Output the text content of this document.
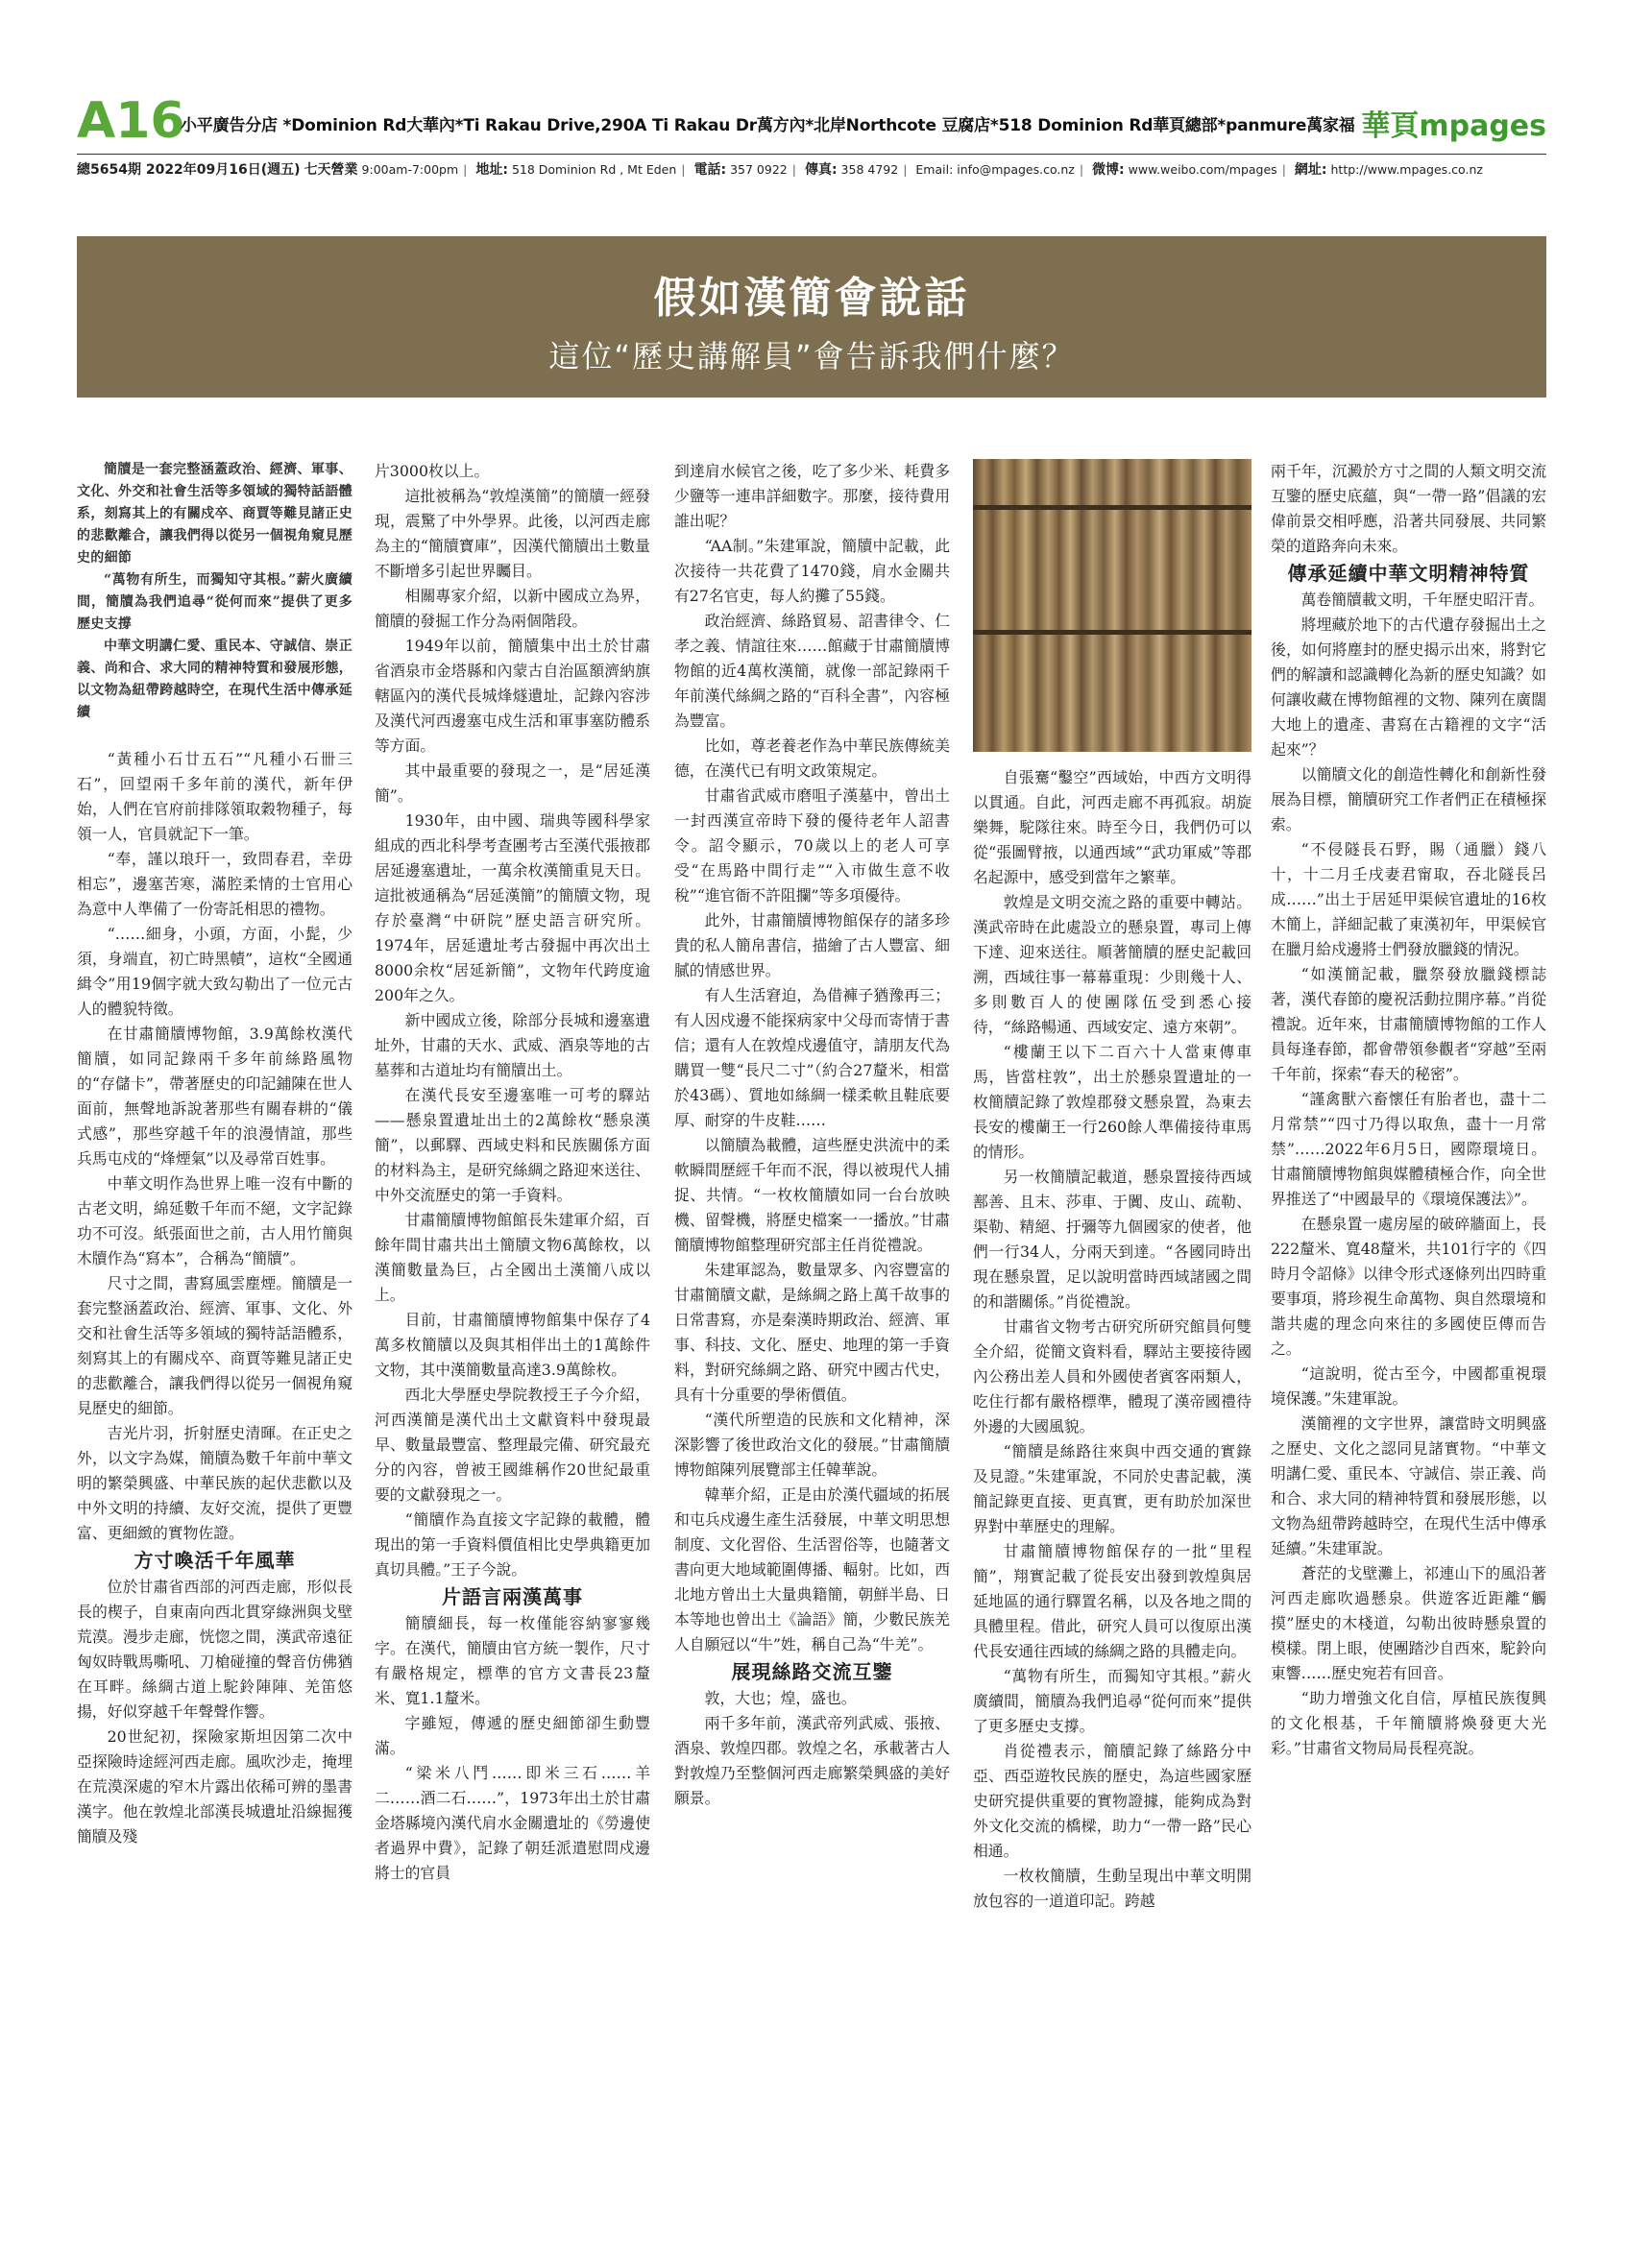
A16
小平廣告分店 *Dominion Rd大華內*Ti Rakau Drive,290A Ti Rakau Dr萬方內*北岸Northcote 豆腐店*518 Dominion Rd華頁總部*panmure萬家福 華頁mpages
總5654期 2022年09月16日(週五) 七天營業 9:00am-7:00pm | 地址: 518 Dominion Rd , Mt Eden | 電話: 357 0922 | 傳真: 358 4792 | Email: info@mpages.co.nz | 微博: www.weibo.com/mpages | 網址: http://www.mpages.co.nz
假如漢簡會說話
這位“歷史講解員”會告訴我們什麼？

簡牘是一套完整涵蓋政治、經濟、軍事、文化、外交和社會生活等多領域的獨特話語體系，刻寫其上的有關戍卒、商賈等難見諸正史的悲歡離合，讓我們得以從另一個視角窺見歷史的細節

“萬物有所生，而獨知守其根。”薪火廣續間，簡牘為我們追尋“從何而來”提供了更多歷史支撐

中華文明講仁愛、重民本、守誠信、崇正義、尚和合、求大同的精神特質和發展形態，以文物為紐帶跨越時空，在現代生活中傳承延續

“黃種小石廿五石”“凡種小石卌三石”，回望兩千多年前的漢代，新年伊始，人們在官府前排隊領取穀物種子，每領一人，官員就記下一筆。

“奉，謹以琅玕一，致問春君，幸毋相忘”，邊塞苦寒，滿腔柔情的士官用心為意中人準備了一份寄託相思的禮物。

“……細身，小頭，方面，小髭，少須，身端直，初亡時黑幘”，這枚“全國通緝令”用19個字就大致勾勒出了一位元古人的體貌特徵。

在甘肅簡牘博物館，3.9萬餘枚漢代簡牘，如同記錄兩千多年前絲路風物的“存儲卡”，帶著歷史的印記鋪陳在世人面前，無聲地訴說著那些有關春耕的“儀式感”，那些穿越千年的浪漫情誼，那些兵馬屯戍的“烽煙氣”以及尋常百姓事。

中華文明作為世界上唯一沒有中斷的古老文明，綿延數千年而不絕，文字記錄功不可沒。紙張面世之前，古人用竹簡與木牘作為“寫本”，合稱為“簡牘”。

尺寸之間，書寫風雲塵煙。簡牘是一套完整涵蓋政治、經濟、軍事、文化、外交和社會生活等多領域的獨特話語體系，刻寫其上的有關戍卒、商賈等難見諸正史的悲歡離合，讓我們得以從另一個視角窺見歷史的細節。

吉光片羽，折射歷史清暉。在正史之外，以文字為媒，簡牘為數千年前中華文明的繁榮興盛、中華民族的起伏悲歡以及中外文明的持續、友好交流，提供了更豐富、更細緻的實物佐證。

方寸喚活千年風華

位於甘肅省西部的河西走廊，形似長長的楔子，自東南向西北貫穿綠洲與戈壁荒漠。漫步走廊，恍惚之間，漢武帝遠征匈奴時戰馬嘶吼、刀槍碰撞的聲音仿佛猶在耳畔。絲綢古道上駝鈴陣陣、羌笛悠揚，好似穿越千年聲聲作響。

20世紀初，探險家斯坦因第二次中亞探險時途經河西走廊。風吹沙走，掩埋在荒漠深處的窄木片露出依稀可辨的墨書漢字。他在敦煌北部漢長城遺址沿線掘獲簡牘及殘

片3000枚以上。

這批被稱為“敦煌漢簡”的簡牘一經發現，震驚了中外學界。此後，以河西走廊為主的“簡牘寶庫”，因漢代簡牘出土數量不斷增多引起世界矚目。

相關專家介紹，以新中國成立為界，簡牘的發掘工作分為兩個階段。

1949年以前，簡牘集中出土於甘肅省酒泉市金塔縣和內蒙古自治區額濟納旗轄區內的漢代長城烽燧遺址，記錄內容涉及漢代河西邊塞屯戍生活和軍事塞防體系等方面。

其中最重要的發現之一，是“居延漢簡”。

1930年，由中國、瑞典等國科學家組成的西北科學考查團考古至漢代張掖郡居延邊塞遺址，一萬余枚漢簡重見天日。這批被通稱為“居延漢簡”的簡牘文物，現存於臺灣“中研院”歷史語言研究所。1974年，居延遺址考古發掘中再次出土8000余枚“居延新簡”，文物年代跨度逾200年之久。

新中國成立後，除部分長城和邊塞遺址外，甘肅的天水、武威、酒泉等地的古墓葬和古道址均有簡牘出土。

在漢代長安至邊塞唯一可考的驛站——懸泉置遺址出土的2萬餘枚“懸泉漢簡”，以郵驛、西域史料和民族關係方面的材料為主，是研究絲綢之路迎來送往、中外交流歷史的第一手資料。

甘肅簡牘博物館館長朱建軍介紹，百餘年間甘肅共出土簡牘文物6萬餘枚，以漢簡數量為巨，占全國出土漢簡八成以上。

目前，甘肅簡牘博物館集中保存了4萬多枚簡牘以及與其相伴出土的1萬餘件文物，其中漢簡數量高達3.9萬餘枚。

西北大學歷史學院教授王子今介紹，河西漢簡是漢代出土文獻資料中發現最早、數量最豐富、整理最完備、研究最充分的內容，曾被王國維稱作20世紀最重要的文獻發現之一。

“簡牘作為直接文字記錄的載體，體現出的第一手資料價值相比史學典籍更加真切具體。”王子今說。

片語言兩漢萬事

簡牘細長，每一枚僅能容納寥寥幾字。在漢代，簡牘由官方統一製作，尺寸有嚴格規定，標準的官方文書長23釐米、寬1.1釐米。

字雖短，傳遞的歷史細節卻生動豐滿。

“梁米八鬥……即米三石……羊二……酒二石……”，1973年出土於甘肅金塔縣境內漢代肩水金關遺址的《勞邊使者過界中費》，記錄了朝廷派遣慰問戍邊將士的官員

到達肩水候官之後，吃了多少米、耗費多少鹽等一連串詳細數字。那麼，接待費用誰出呢？

“AA制。”朱建軍說，簡牘中記載，此次接待一共花費了1470錢，肩水金關共有27名官吏，每人約攤了55錢。

政治經濟、絲路貿易、詔書律令、仁孝之義、情誼往來……館藏于甘肅簡牘博物館的近4萬枚漢簡，就像一部記錄兩千年前漢代絲綢之路的“百科全書”，內容極為豐富。

比如，尊老養老作為中華民族傳統美德，在漢代已有明文政策規定。

甘肅省武威市磨咀子漢墓中，曾出土一封西漢宣帝時下發的優待老年人詔書令。詔令顯示，70歲以上的老人可享受“在馬路中間行走”“入市做生意不收稅”“進官衙不許阻攔”等多項優待。

此外，甘肅簡牘博物館保存的諸多珍貴的私人簡帛書信，描繪了古人豐富、細膩的情感世界。

有人生活窘迫，為借褲子猶豫再三；有人因戍邊不能探病家中父母而寄情于書信；還有人在敦煌戍邊值守，請朋友代為購買一雙“長尺二寸”（約合27釐米，相當於43碼）、質地如絲綢一樣柔軟且鞋底要厚、耐穿的牛皮鞋……

以簡牘為載體，這些歷史洪流中的柔軟瞬間歷經千年而不泯，得以被現代人捕捉、共情。“一枚枚簡牘如同一台台放映機、留聲機，將歷史檔案一一播放。”甘肅簡牘博物館整理研究部主任肖從禮說。

朱建軍認為，數量眾多、內容豐富的甘肅簡牘文獻，是絲綢之路上萬千故事的日常書寫，亦是秦漢時期政治、經濟、軍事、科技、文化、歷史、地理的第一手資料，對研究絲綢之路、研究中國古代史，具有十分重要的學術價值。

“漢代所塑造的民族和文化精神，深深影響了後世政治文化的發展。”甘肅簡牘博物館陳列展覽部主任韓華說。

韓華介紹，正是由於漢代疆域的拓展和屯兵戍邊生產生活發展，中華文明思想制度、文化習俗、生活習俗等，也隨著文書向更大地域範圍傳播、輻射。比如，西北地方曾出土大量典籍簡，朝鮮半島、日本等地也曾出土《論語》簡，少數民族羌人自願冠以“牛”姓，稱自己為“牛羌”。

展現絲路交流互鑒

敦，大也；煌，盛也。

兩千多年前，漢武帝列武威、張掖、酒泉、敦煌四郡。敦煌之名，承載著古人對敦煌乃至整個河西走廊繁榮興盛的美好願景。

自張騫“鑿空”西域始，中西方文明得以貫通。自此，河西走廊不再孤寂。胡旋樂舞，駝隊往來。時至今日，我們仍可以從“張圖臂掖，以通西域”“武功軍威”等郡名起源中，感受到當年之繁華。

敦煌是文明交流之路的重要中轉站。漢武帝時在此處設立的懸泉置，專司上傳下達、迎來送往。順著簡牘的歷史記載回溯，西域往事一幕幕重現：少則幾十人、多則數百人的使團隊伍受到悉心接待，“絲路暢通、西域安定、遠方來朝”。

“樓蘭王以下二百六十人當東傳車馬，皆當柱敦”，出土於懸泉置遺址的一枚簡牘記錄了敦煌郡發文懸泉置，為東去長安的樓蘭王一行260餘人準備接待車馬的情形。

另一枚簡牘記載道，懸泉置接待西域鄯善、且末、莎車、于闐、皮山、疏勒、渠勒、精絕、扜彌等九個國家的使者，他們一行34人，分兩天到達。“各國同時出現在懸泉置，足以說明當時西域諸國之間的和諧關係。”肖從禮說。

甘肅省文物考古研究所研究館員何雙全介紹，從簡文資料看，驛站主要接待國內公務出差人員和外國使者賓客兩類人，吃住行都有嚴格標準，體現了漢帝國禮待外邊的大國風貌。

“簡牘是絲路往來與中西交通的實錄及見證。”朱建軍說，不同於史書記載，漢簡記錄更直接、更真實，更有助於加深世界對中華歷史的理解。

甘肅簡牘博物館保存的一批“里程簡”，翔實記載了從長安出發到敦煌與居延地區的通行驛置名稱，以及各地之間的具體里程。借此，研究人員可以復原出漢代長安通往西域的絲綢之路的具體走向。

“萬物有所生，而獨知守其根。”薪火廣續間，簡牘為我們追尋“從何而來”提供了更多歷史支撐。

肖從禮表示，簡牘記錄了絲路分中亞、西亞遊牧民族的歷史，為這些國家歷史研究提供重要的實物證據，能夠成為對外文化交流的橋樑，助力“一帶一路”民心相通。

一枚枚簡牘，生動呈現出中華文明開放包容的一道道印記。跨越

兩千年，沉澱於方寸之間的人類文明交流互鑒的歷史底蘊，與“一帶一路”倡議的宏偉前景交相呼應，沿著共同發展、共同繁榮的道路奔向未來。

傳承延續中華文明精神特質

萬卷簡牘載文明，千年歷史昭汗青。

將埋藏於地下的古代遺存發掘出土之後，如何將塵封的歷史揭示出來，將對它們的解讀和認識轉化為新的歷史知識？如何讓收藏在博物館裡的文物、陳列在廣闊大地上的遺產、書寫在古籍裡的文字“活起來”？

以簡牘文化的創造性轉化和創新性發展為目標，簡牘研究工作者們正在積極探索。

“不侵隧長石野，賜（通臘）錢八十，十二月壬戌妻君甯取，吞北隧長呂成……”出土于居延甲渠候官遺址的16枚木簡上，詳細記載了東漢初年，甲渠候官在臘月給戍邊將士們發放臘錢的情況。

“如漢簡記載，臘祭發放臘錢標誌著，漢代春節的慶祝活動拉開序幕。”肖從禮說。近年來，甘肅簡牘博物館的工作人員每逢春節，都會帶領參觀者“穿越”至兩千年前，探索“春天的秘密”。

“謹禽獸六畜懷任有胎者也，盡十二月常禁”“四寸乃得以取魚，盡十一月常禁”……2022年6月5日，國際環境日。甘肅簡牘博物館與媒體積極合作，向全世界推送了“中國最早的《環境保護法》”。

在懸泉置一處房屋的破碎牆面上，長222釐米、寬48釐米，共101行字的《四時月令詔條》以律令形式逐條列出四時重要事項，將珍視生命萬物、與自然環境和諧共處的理念向來往的多國使臣傳而告之。

“這說明，從古至今，中國都重視環境保護。”朱建軍說。

漢簡裡的文字世界，讓當時文明興盛之歷史、文化之認同見諸實物。“中華文明講仁愛、重民本、守誠信、崇正義、尚和合、求大同的精神特質和發展形態，以文物為紐帶跨越時空，在現代生活中傳承延續。”朱建軍說。

蒼茫的戈壁灘上，祁連山下的風沿著河西走廊吹過懸泉。供遊客近距離“觸摸”歷史的木棧道，勾勒出彼時懸泉置的模樣。閉上眼，使團踏沙自西來，駝鈴向東響……歷史宛若有回音。

“助力增強文化自信，厚植民族復興的文化根基，千年簡牘將煥發更大光彩。”甘肅省文物局局長程亮說。
